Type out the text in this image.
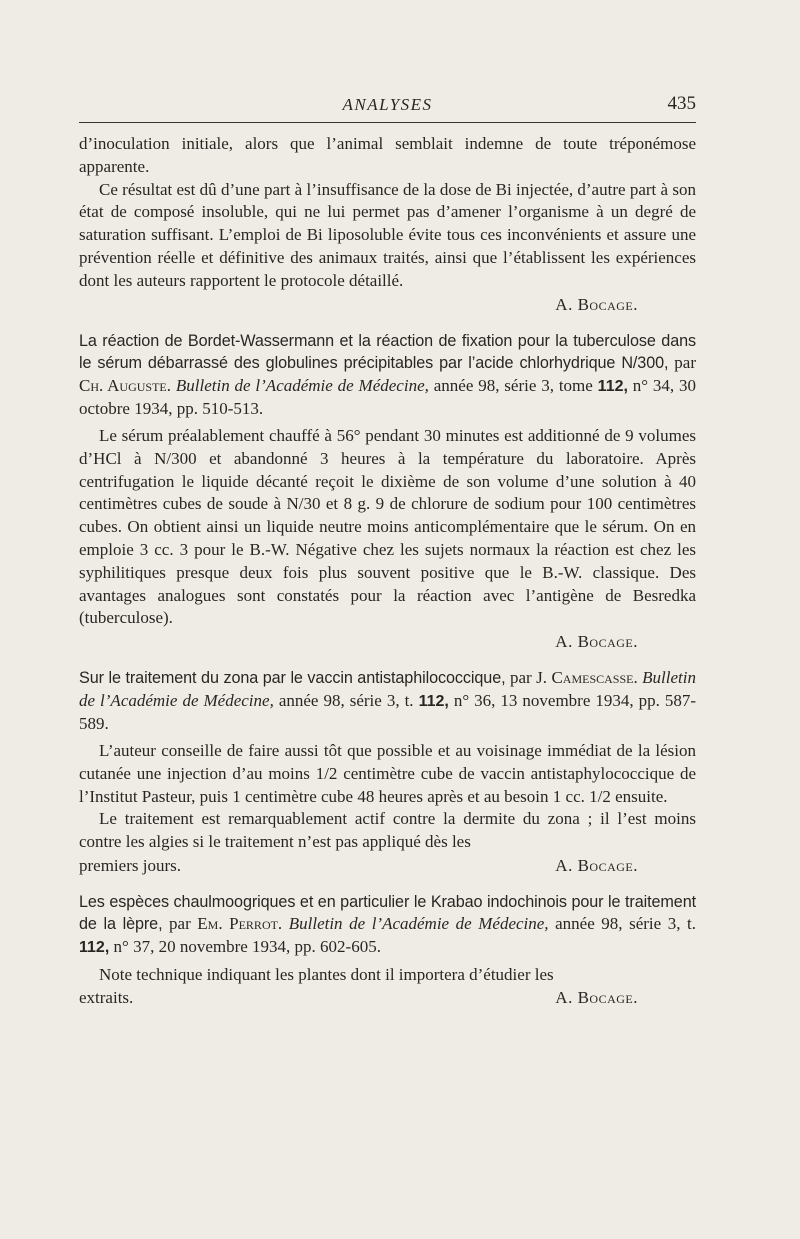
ANALYSES	435

d’inoculation initiale, alors que l’animal semblait indemne de toute tréponémose apparente.

Ce résultat est dû d’une part à l’insuffisance de la dose de Bi injectée, d’autre part à son état de composé insoluble, qui ne lui permet pas d’amener l’organisme à un degré de saturation suffisant. L’emploi de Bi liposoluble évite tous ces inconvénients et assure une prévention réelle et définitive des animaux traités, ainsi que l’établissent les expériences dont les auteurs rapportent le protocole détaillé.

A. Bocage.
La réaction de Bordet-Wassermann et la réaction de fixation pour la tuberculose dans le sérum débarrassé des globulines précipitables par l’acide chlorhydrique N/300, par Ch. Auguste. Bulletin de l’Académie de Médecine, année 98, série 3, tome 112, n° 34, 30 octobre 1934, pp. 510-513.

Le sérum préalablement chauffé à 56° pendant 30 minutes est additionné de 9 volumes d’HCl à N/300 et abandonné 3 heures à la température du laboratoire. Après centrifugation le liquide décanté reçoit le dixième de son volume d’une solution à 40 centimètres cubes de soude à N/30 et 8 g. 9 de chlorure de sodium pour 100 centimètres cubes. On obtient ainsi un liquide neutre moins anticomplémentaire que le sérum. On en emploie 3 cc. 3 pour le B.-W. Négative chez les sujets normaux la réaction est chez les syphilitiques presque deux fois plus souvent positive que le B.-W. classique. Des avantages analogues sont constatés pour la réaction avec l’antigène de Besredka (tuberculose).

A. Bocage.
Sur le traitement du zona par le vaccin antistaphilococcique, par J. Camescasse. Bulletin de l’Académie de Médecine, année 98, série 3, t. 112, n° 36, 13 novembre 1934, pp. 587-589.

L’auteur conseille de faire aussi tôt que possible et au voisinage immédiat de la lésion cutanée une injection d’au moins 1/2 centimètre cube de vaccin antistaphylococcique de l’Institut Pasteur, puis 1 centimètre cube 48 heures après et au besoin 1 cc. 1/2 ensuite.

Le traitement est remarquablement actif contre la dermite du zona ; il l’est moins contre les algies si le traitement n’est pas appliqué dès les

premiers jours.	A. Bocage.
Les espèces chaulmoogriques et en particulier le Krabao indochinois pour le traitement de la lèpre, par Em. Perrot. Bulletin de l’Académie de Médecine, année 98, série 3, t. 112, n° 37, 20 novembre 1934, pp. 602-605.

Note technique indiquant les plantes dont il importera d’étudier les

extraits.	A. Bocage.
